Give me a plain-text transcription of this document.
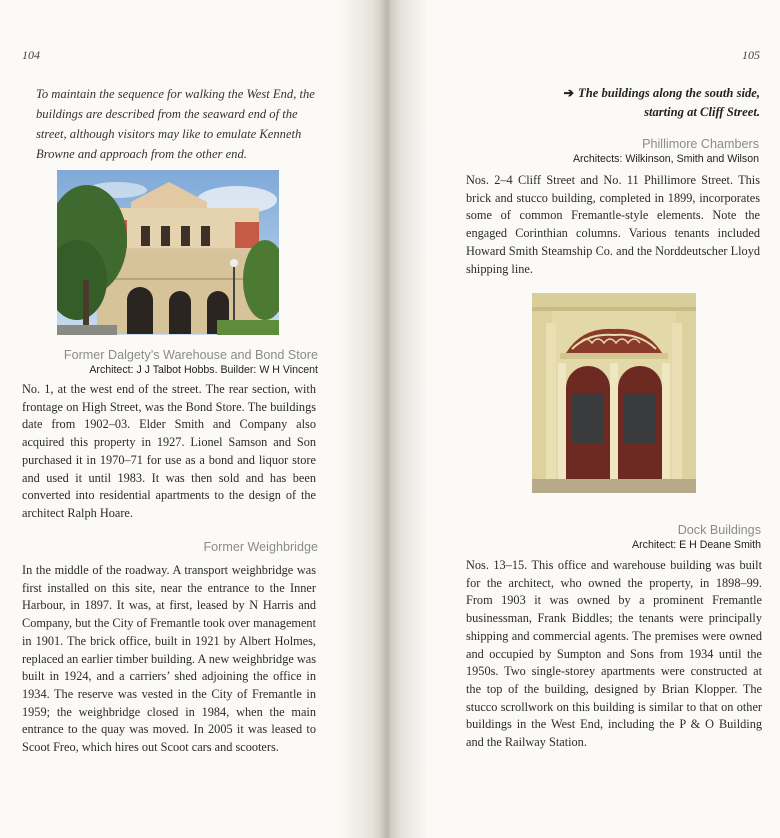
104
To maintain the sequence for walking the West End, the buildings are described from the seaward end of the street, although visitors may like to emulate Kenneth Browne and approach from the other end.
Former Dalgety’s Warehouse and Bond Store
Architect: J J Talbot Hobbs. Builder: W H Vincent
No. 1, at the west end of the street. The rear section, with frontage on High Street, was the Bond Store. The buildings date from 1902–03. Elder Smith and Company also acquired this property in 1927. Lionel Samson and Son purchased it in 1970–71 for use as a bond and liquor store and used it until 1983. It was then sold and has been converted into residential apartments to the design of the architect Ralph Hoare.
Former Weighbridge
In the middle of the roadway. A transport weighbridge was first installed on this site, near the entrance to the Inner Harbour, in 1897. It was, at first, leased by N Harris and Company, but the City of Fremantle took over management in 1901. The brick office, built in 1921 by Albert Holmes, replaced an earlier timber building. A new weighbridge was built in 1924, and a carriers’ shed adjoining the office in 1934. The reserve was vested in the City of Fremantle in 1959; the weighbridge closed in 1984, when the main entrance to the quay was moved. In 2005 it was leased to Scoot Freo, which hires out Scoot cars and scooters.
105
➔ The buildings along the south side,
starting at Cliff Street.
Phillimore Chambers
Architects: Wilkinson, Smith and Wilson
Nos. 2–4 Cliff Street and No. 11 Phillimore Street. This brick and stucco building, completed in 1899, incorporates some of common Fremantle-style elements. Note the engaged Corinthian columns. Various tenants included Howard Smith Steamship Co. and the Norddeutscher Lloyd shipping line.
Dock Buildings
Architect: E H Deane Smith
Nos. 13–15. This office and warehouse building was built for the architect, who owned the property, in 1898–99. From 1903 it was owned by a prominent Fremantle businessman, Frank Biddles; the tenants were principally shipping and commercial agents. The premises were owned and occupied by Sumpton and Sons from 1934 until the 1950s. Two single-storey apartments were constructed at the top of the building, designed by Brian Klopper. The stucco scrollwork on this building is similar to that on other buildings in the West End, including the P & O Building and the Railway Station.
